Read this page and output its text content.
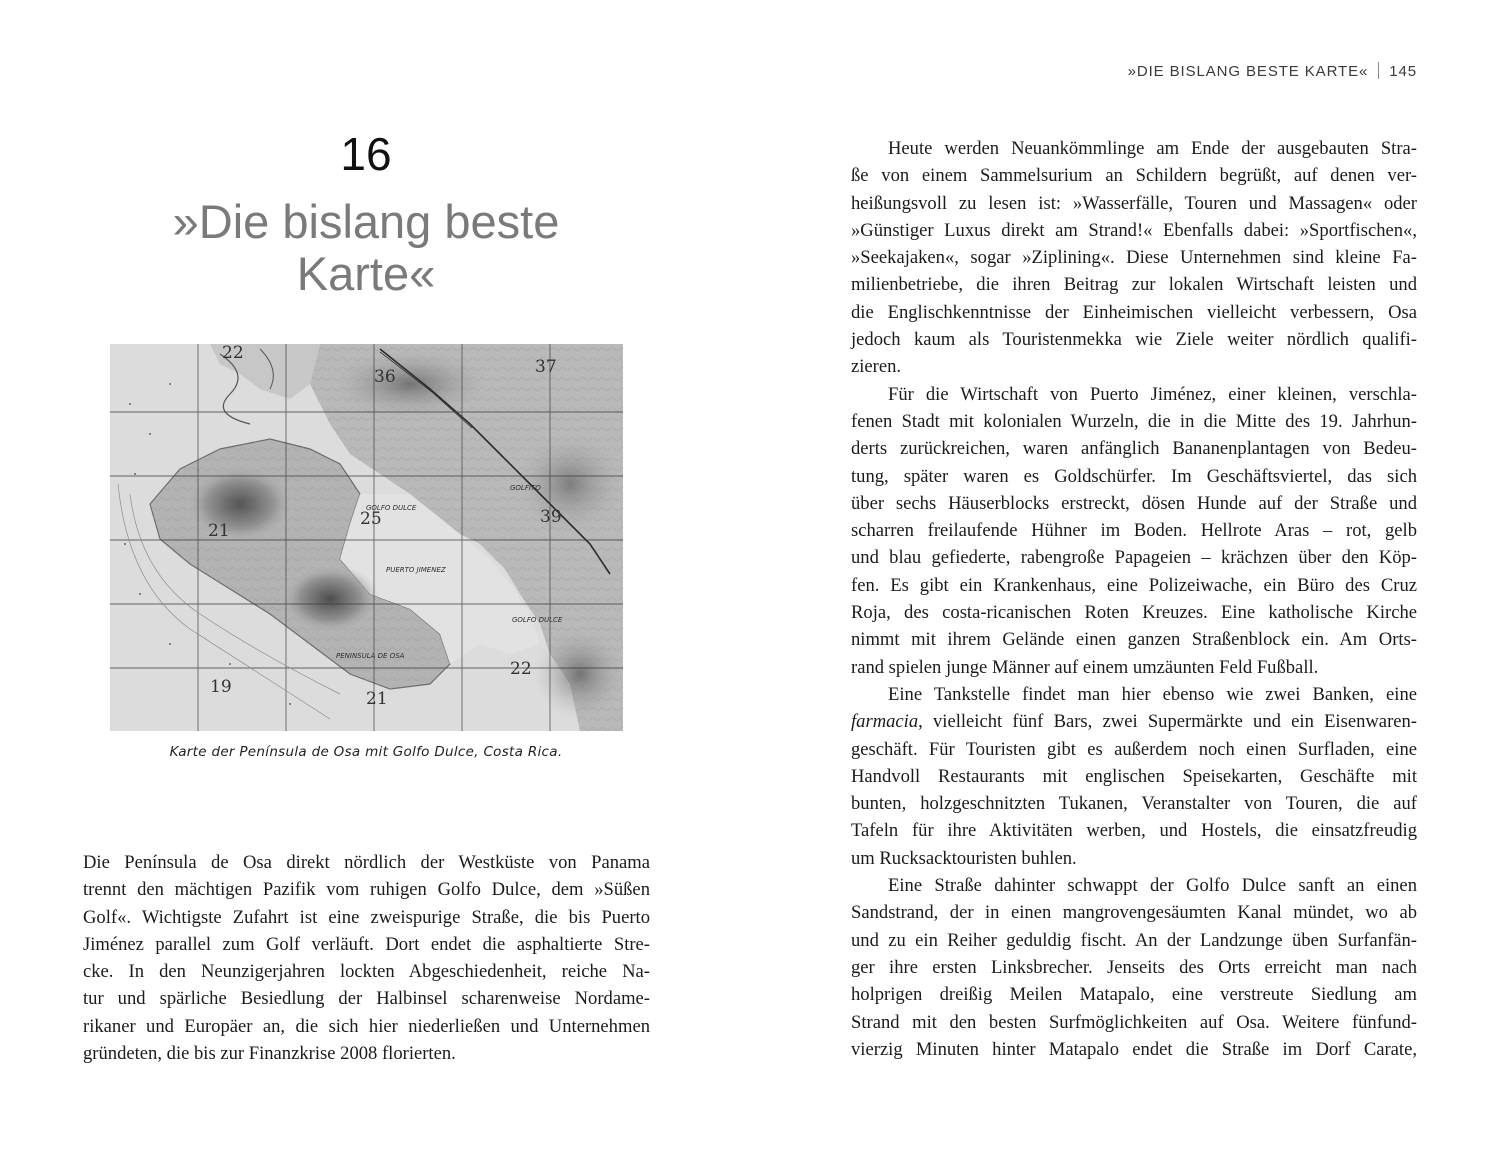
16
»Die bislang beste
Karte«
22
36	37
21
25	39
19
21
22
GOLFO DULCE
GOLFO DULCE
PUERTO JIMENEZ
PENINSULA DE OSA
GOLFITO
Karte der Península de Osa mit Golfo Dulce, Costa Rica.

Die Península de Osa direkt nördlich der Westküste von Panama
trennt den mächtigen Pazifik vom ruhigen Golfo Dulce, dem »Süßen
Golf«. Wichtigste Zufahrt ist eine zweispurige Straße, die bis Puerto
Jiménez parallel zum Golf verläuft. Dort endet die asphaltierte Stre-
cke. In den Neunzigerjahren lockten Abgeschiedenheit, reiche Na-
tur und spärliche Besiedlung der Halbinsel scharenweise Nordame-
rikaner und Europäer an, die sich hier niederließen und Unternehmen
gründeten, die bis zur Finanzkrise 2008 florierten.

»DIE BISLANG BESTE KARTE« 145

Heute werden Neuankömmlinge am Ende der ausgebauten Stra-
ße von einem Sammelsurium an Schildern begrüßt, auf denen ver-
heißungsvoll zu lesen ist: »Wasserfälle, Touren und Massagen« oder
»Günstiger Luxus direkt am Strand!« Ebenfalls dabei: »Sportfischen«,
»Seekajaken«, sogar »Ziplining«. Diese Unternehmen sind kleine Fa-
milienbetriebe, die ihren Beitrag zur lokalen Wirtschaft leisten und
die Englischkenntnisse der Einheimischen vielleicht verbessern, Osa
jedoch kaum als Touristenmekka wie Ziele weiter nördlich qualifi-
zieren.

Für die Wirtschaft von Puerto Jiménez, einer kleinen, verschla-
fenen Stadt mit kolonialen Wurzeln, die in die Mitte des 19. Jahrhun-
derts zurückreichen, waren anfänglich Bananenplantagen von Bedeu-
tung, später waren es Goldschürfer. Im Geschäftsviertel, das sich
über sechs Häuserblocks erstreckt, dösen Hunde auf der Straße und
scharren freilaufende Hühner im Boden. Hellrote Aras – rot, gelb
und blau gefiederte, rabengroße Papageien – krächzen über den Köp-
fen. Es gibt ein Krankenhaus, eine Polizeiwache, ein Büro des Cruz
Roja, des costa-ricanischen Roten Kreuzes. Eine katholische Kirche
nimmt mit ihrem Gelände einen ganzen Straßenblock ein. Am Orts-
rand spielen junge Männer auf einem umzäunten Feld Fußball.

Eine Tankstelle findet man hier ebenso wie zwei Banken, eine
farmacia, vielleicht fünf Bars, zwei Supermärkte und ein Eisenwaren-
geschäft. Für Touristen gibt es außerdem noch einen Surfladen, eine
Handvoll Restaurants mit englischen Speisekarten, Geschäfte mit
bunten, holzgeschnitzten Tukanen, Veranstalter von Touren, die auf
Tafeln für ihre Aktivitäten werben, und Hostels, die einsatzfreudig
um Rucksacktouristen buhlen.

Eine Straße dahinter schwappt der Golfo Dulce sanft an einen
Sandstrand, der in einen mangrovengesäumten Kanal mündet, wo ab
und zu ein Reiher geduldig fischt. An der Landzunge üben Surfanfän-
ger ihre ersten Linksbrecher. Jenseits des Orts erreicht man nach
holprigen dreißig Meilen Matapalo, eine verstreute Siedlung am
Strand mit den besten Surfmöglichkeiten auf Osa. Weitere fünfund-
vierzig Minuten hinter Matapalo endet die Straße im Dorf Carate,
